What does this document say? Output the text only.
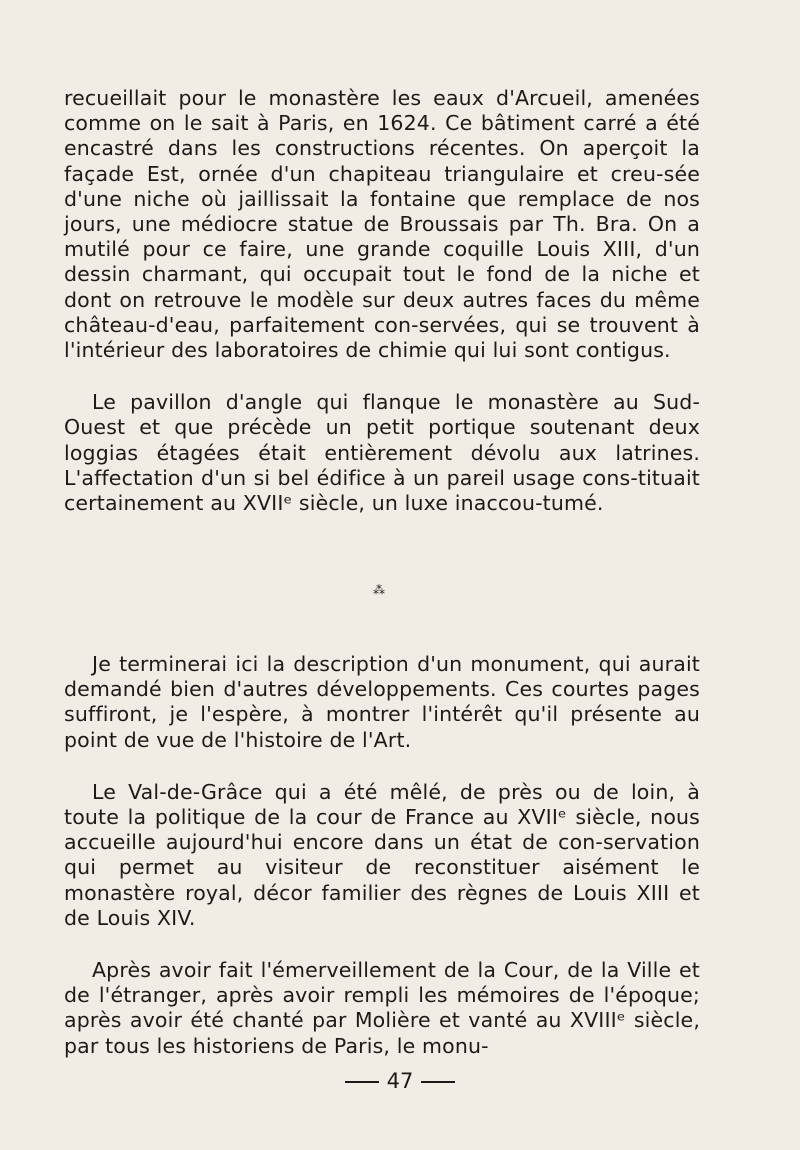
recueillait pour le monastère les eaux d'Arcueil, amenées comme on le sait à Paris, en 1624. Ce bâtiment carré a été encastré dans les constructions récentes. On aperçoit la façade Est, ornée d'un chapiteau triangulaire et creu-sée d'une niche où jaillissait la fontaine que remplace de nos jours, une médiocre statue de Broussais par Th. Bra. On a mutilé pour ce faire, une grande coquille Louis XIII, d'un dessin charmant, qui occupait tout le fond de la niche et dont on retrouve le modèle sur deux autres faces du même château-d'eau, parfaitement con-servées, qui se trouvent à l'intérieur des laboratoires de chimie qui lui sont contigus.

Le pavillon d'angle qui flanque le monastère au Sud-Ouest et que précède un petit portique soutenant deux loggias étagées était entièrement dévolu aux latrines. L'affectation d'un si bel édifice à un pareil usage cons-tituait certainement au XVIIᵉ siècle, un luxe inaccou-tumé.

⁂

Je terminerai ici la description d'un monument, qui aurait demandé bien d'autres développements. Ces courtes pages suffiront, je l'espère, à montrer l'intérêt qu'il présente au point de vue de l'histoire de l'Art.

Le Val-de-Grâce qui a été mêlé, de près ou de loin, à toute la politique de la cour de France au XVIIᵉ siècle, nous accueille aujourd'hui encore dans un état de con-servation qui permet au visiteur de reconstituer aisément le monastère royal, décor familier des règnes de Louis XIII et de Louis XIV.

Après avoir fait l'émerveillement de la Cour, de la Ville et de l'étranger, après avoir rempli les mémoires de l'époque; après avoir été chanté par Molière et vanté au XVIIIᵉ siècle, par tous les historiens de Paris, le monu-

47
